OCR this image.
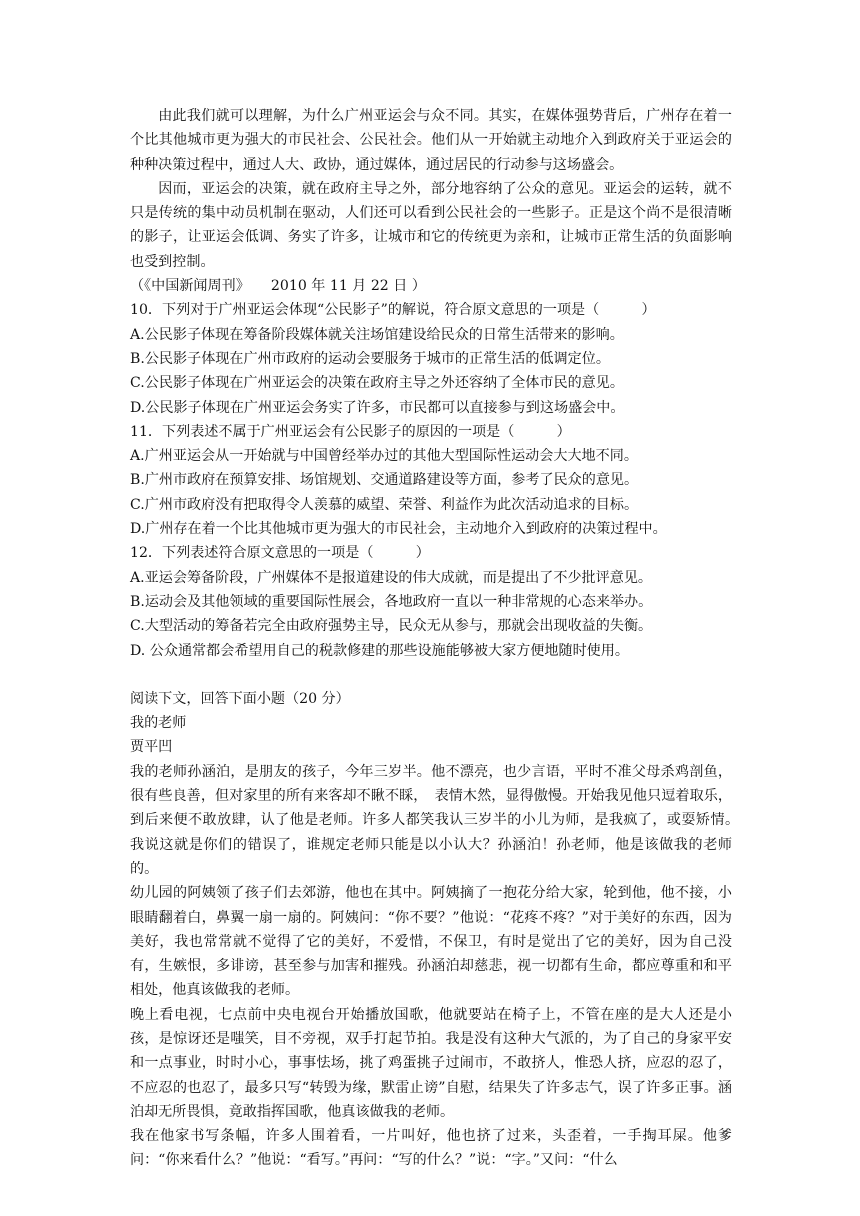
由此我们就可以理解，为什么广州亚运会与众不同。其实，在媒体强势背后，广州存在着一个比其他城市更为强大的市民社会、公民社会。他们从一开始就主动地介入到政府关于亚运会的种种决策过程中，通过人大、政协，通过媒体，通过居民的行动参与这场盛会。

因而，亚运会的决策，就在政府主导之外，部分地容纳了公众的意见。亚运会的运转，就不只是传统的集中动员机制在驱动，人们还可以看到公民社会的一些影子。正是这个尚不是很清晰的影子，让亚运会低调、务实了许多，让城市和它的传统更为亲和，让城市正常生活的负面影响也受到控制。

（《中国新闻周刊》　　2010 年 11 月 22 日 ）

10．下列对于广州亚运会体现“公民影子”的解说，符合原文意思的一项是（　　　）

A.公民影子体现在筹备阶段媒体就关注场馆建设给民众的日常生活带来的影响。

B.公民影子体现在广州市政府的运动会要服务于城市的正常生活的低调定位。

C.公民影子体现在广州亚运会的决策在政府主导之外还容纳了全体市民的意见。

D.公民影子体现在广州亚运会务实了许多，市民都可以直接参与到这场盛会中。

11．下列表述不属于广州亚运会有公民影子的原因的一项是（　　　）

A.广州亚运会从一开始就与中国曾经举办过的其他大型国际性运动会大大地不同。

B.广州市政府在预算安排、场馆规划、交通道路建设等方面，参考了民众的意见。

C.广州市政府没有把取得令人羡慕的威望、荣誉、利益作为此次活动追求的目标。

D.广州存在着一个比其他城市更为强大的市民社会，主动地介入到政府的决策过程中。

12．下列表述符合原文意思的一项是（　　　）

A.亚运会筹备阶段，广州媒体不是报道建设的伟大成就，而是提出了不少批评意见。

B.运动会及其他领域的重要国际性展会，各地政府一直以一种非常规的心态来举办。

C.大型活动的筹备若完全由政府强势主导，民众无从参与，那就会出现收益的失衡。

D. 公众通常都会希望用自己的税款修建的那些设施能够被大家方便地随时使用。

阅读下文，回答下面小题（20 分）

我的老师

贾平凹

我的老师孙涵泊，是朋友的孩子，今年三岁半。他不漂亮，也少言语，平时不准父母杀鸡剖鱼，很有些良善，但对家里的所有来客却不瞅不睬，　表情木然，显得傲慢。开始我见他只逗着取乐，到后来便不敢放肆，认了他是老师。许多人都笑我认三岁半的小儿为师，是我疯了，或耍矫情。　我说这就是你们的错误了，谁规定老师只能是以小认大？孙涵泊！孙老师，他是该做我的老师的。

幼儿园的阿姨领了孩子们去郊游，他也在其中。阿姨摘了一抱花分给大家，轮到他，他不接，小眼睛翻着白，鼻翼一扇一扇的。阿姨问：“你不要？”他说：“花疼不疼？”对于美好的东西，因为美好，我也常常就不觉得了它的美好，不爱惜，不保卫，有时是觉出了它的美好，因为自己没有，生嫉恨，多诽谤，甚至参与加害和摧残。孙涵泊却慈悲，视一切都有生命，都应尊重和和平相处，他真该做我的老师。

晚上看电视，七点前中央电视台开始播放国歌，他就要站在椅子上，不管在座的是大人还是小孩，是惊讶还是嗤笑，目不旁视，双手打起节拍。我是没有这种大气派的，为了自己的身家平安和一点事业，时时小心，事事怯场，挑了鸡蛋挑子过闹市，不敢挤人，惟恐人挤，应忍的忍了，不应忍的也忍了，最多只写“转毁为缘，默雷止谤”自慰，结果失了许多志气，误了许多正事。涵泊却无所畏惧，竟敢指挥国歌，他真该做我的老师。

我在他家书写条幅，许多人围着看，一片叫好，他也挤了过来，头歪着，一手掏耳屎。他爹问：“你来看什么？”他说：“看写。”再问：“写的什么？”说：“字。”又问：“什么
